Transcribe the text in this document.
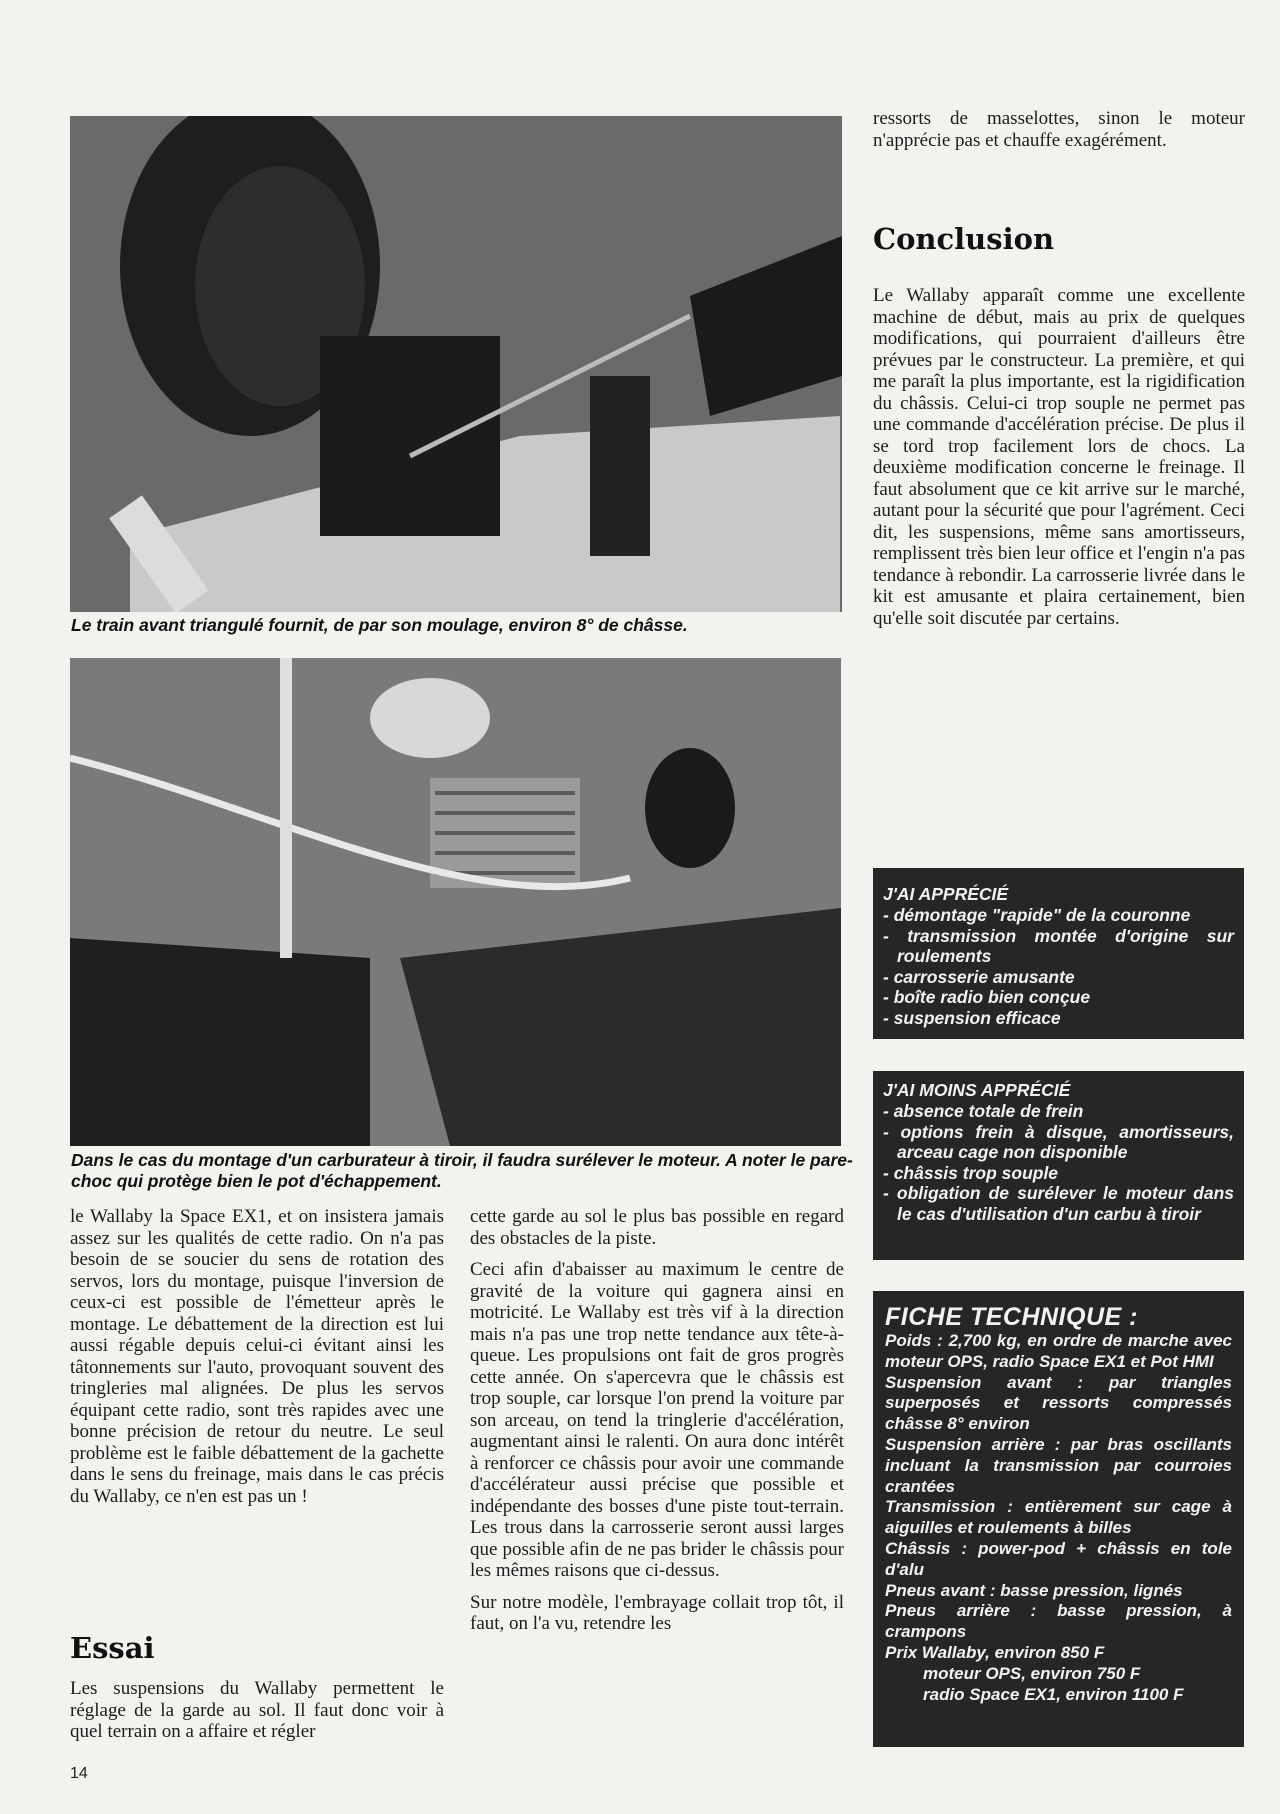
Le train avant triangulé fournit, de par son moulage, environ 8° de châsse.
Dans le cas du montage d'un carburateur à tiroir, il faudra surélever le moteur. A noter le pare-choc qui protège bien le pot d'échappement.

le Wallaby la Space EX1, et on insistera jamais assez sur les qualités de cette radio. On n'a pas besoin de se soucier du sens de rotation des servos, lors du montage, puisque l'inversion de ceux-ci est possible de l'émetteur après le montage. Le débattement de la direction est lui aussi régable depuis celui-ci évitant ainsi les tâtonnements sur l'auto, provoquant souvent des tringleries mal alignées. De plus les servos équipant cette radio, sont très rapides avec une bonne précision de retour du neutre. Le seul problème est le faible débattement de la gachette dans le sens du freinage, mais dans le cas précis du Wallaby, ce n'en est pas un !

Essai

Les suspensions du Wallaby permettent le réglage de la garde au sol. Il faut donc voir à quel terrain on a affaire et régler

cette garde au sol le plus bas possible en regard des obstacles de la piste.

Ceci afin d'abaisser au maximum le centre de gravité de la voiture qui gagnera ainsi en motricité. Le Wallaby est très vif à la direction mais n'a pas une trop nette tendance aux tête-à-queue. Les propulsions ont fait de gros progrès cette année. On s'apercevra que le châssis est trop souple, car lorsque l'on prend la voiture par son arceau, on tend la tringlerie d'accélération, augmentant ainsi le ralenti. On aura donc intérêt à renforcer ce châssis pour avoir une commande d'accélérateur aussi précise que possible et indépendante des bosses d'une piste tout-terrain. Les trous dans la carrosserie seront aussi larges que possible afin de ne pas brider le châssis pour les mêmes raisons que ci-dessus.

Sur notre modèle, l'embrayage collait trop tôt, il faut, on l'a vu, retendre les

ressorts de masselottes, sinon le moteur n'apprécie pas et chauffe exagérément.

Conclusion

Le Wallaby apparaît comme une excellente machine de début, mais au prix de quelques modifications, qui pourraient d'ailleurs être prévues par le constructeur. La première, et qui me paraît la plus importante, est la rigidification du châssis. Celui-ci trop souple ne permet pas une commande d'accélération précise. De plus il se tord trop facilement lors de chocs. La deuxième modification concerne le freinage. Il faut absolument que ce kit arrive sur le marché, autant pour la sécurité que pour l'agrément. Ceci dit, les suspensions, même sans amortisseurs, remplissent très bien leur office et l'engin n'a pas tendance à rebondir. La carrosserie livrée dans le kit est amusante et plaira certainement, bien qu'elle soit discutée par certains.

J'AI APPRÉCIÉ
- démontage "rapide" de la couronne
- transmission montée d'origine sur roulements
- carrosserie amusante
- boîte radio bien conçue
- suspension efficace
J'AI MOINS APPRÉCIÉ
- absence totale de frein
- options frein à disque, amortisseurs, arceau cage non disponible
- châssis trop souple
- obligation de surélever le moteur dans le cas d'utilisation d'un carbu à tiroir
FICHE TECHNIQUE :
Poids : 2,700 kg, en ordre de marche avec moteur OPS, radio Space EX1 et Pot HMI
Suspension avant : par triangles superposés et ressorts compressés châsse 8° environ
Suspension arrière : par bras oscillants incluant la transmission par courroies crantées
Transmission : entièrement sur cage à aiguilles et roulements à billes
Châssis : power-pod + châssis en tole d'alu
Pneus avant : basse pression, lignés
Pneus arrière : basse pression, à crampons
Prix Wallaby, environ 850 F
moteur OPS, environ 750 F
radio Space EX1, environ 1100 F
14
